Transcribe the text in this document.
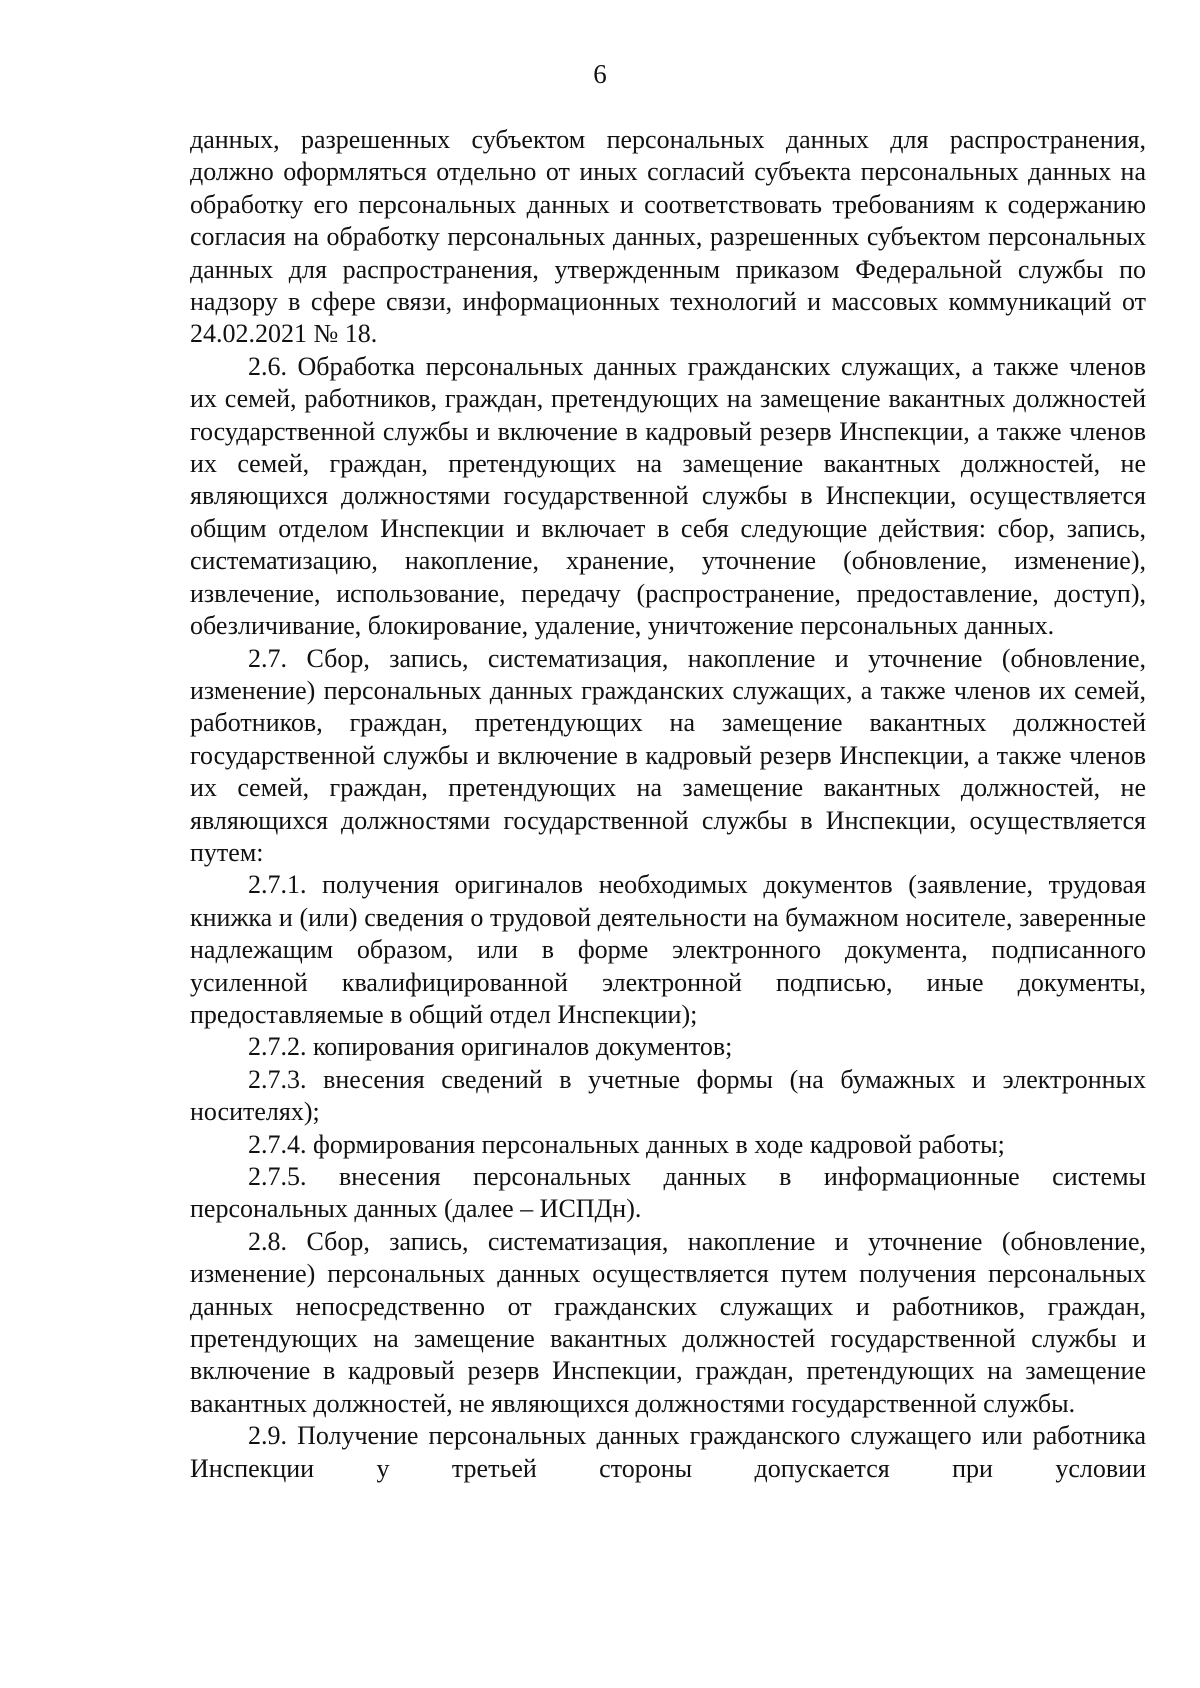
6

данных, разрешенных субъектом персональных данных для распространения, должно оформляться отдельно от иных согласий субъекта персональных данных на обработку его персональных данных и соответствовать требованиям к содержанию согласия на обработку персональных данных, разрешенных субъектом персональных данных для распространения, утвержденным приказом Федеральной службы по надзору в сфере связи, информационных технологий и массовых коммуникаций от 24.02.2021 № 18.

2.6. Обработка персональных данных гражданских служащих, а также членов их семей, работников, граждан, претендующих на замещение вакантных должностей государственной службы и включение в кадровый резерв Инспекции, а также членов их семей, граждан, претендующих на замещение вакантных должностей, не являющихся должностями государственной службы в Инспекции, осуществляется общим отделом Инспекции и включает в себя следующие действия: сбор, запись, систематизацию, накопление, хранение, уточнение (обновление, изменение), извлечение, использование, передачу (распространение, предоставление, доступ), обезличивание, блокирование, удаление, уничтожение персональных данных.

2.7. Сбор, запись, систематизация, накопление и уточнение (обновление, изменение) персональных данных гражданских служащих, а также членов их семей, работников, граждан, претендующих на замещение вакантных должностей государственной службы и включение в кадровый резерв Инспекции, а также членов их семей, граждан, претендующих на замещение вакантных должностей, не являющихся должностями государственной службы в Инспекции, осуществляется путем:

2.7.1. получения оригиналов необходимых документов (заявление, трудовая книжка и (или) сведения о трудовой деятельности на бумажном носителе, заверенные надлежащим образом, или в форме электронного документа, подписанного усиленной квалифицированной электронной подписью, иные документы, предоставляемые в общий отдел Инспекции);

2.7.2. копирования оригиналов документов;

2.7.3. внесения сведений в учетные формы (на бумажных и электронных носителях);

2.7.4. формирования персональных данных в ходе кадровой работы;

2.7.5. внесения персональных данных в информационные системы персональных данных (далее – ИСПДн).

2.8. Сбор, запись, систематизация, накопление и уточнение (обновление, изменение) персональных данных осуществляется путем получения персональных данных непосредственно от гражданских служащих и работников, граждан, претендующих на замещение вакантных должностей государственной службы и включение в кадровый резерв Инспекции, граждан, претендующих на замещение вакантных должностей, не являющихся должностями государственной службы.

2.9. Получение персональных данных гражданского служащего или работника Инспекции у третьей стороны допускается при условии
